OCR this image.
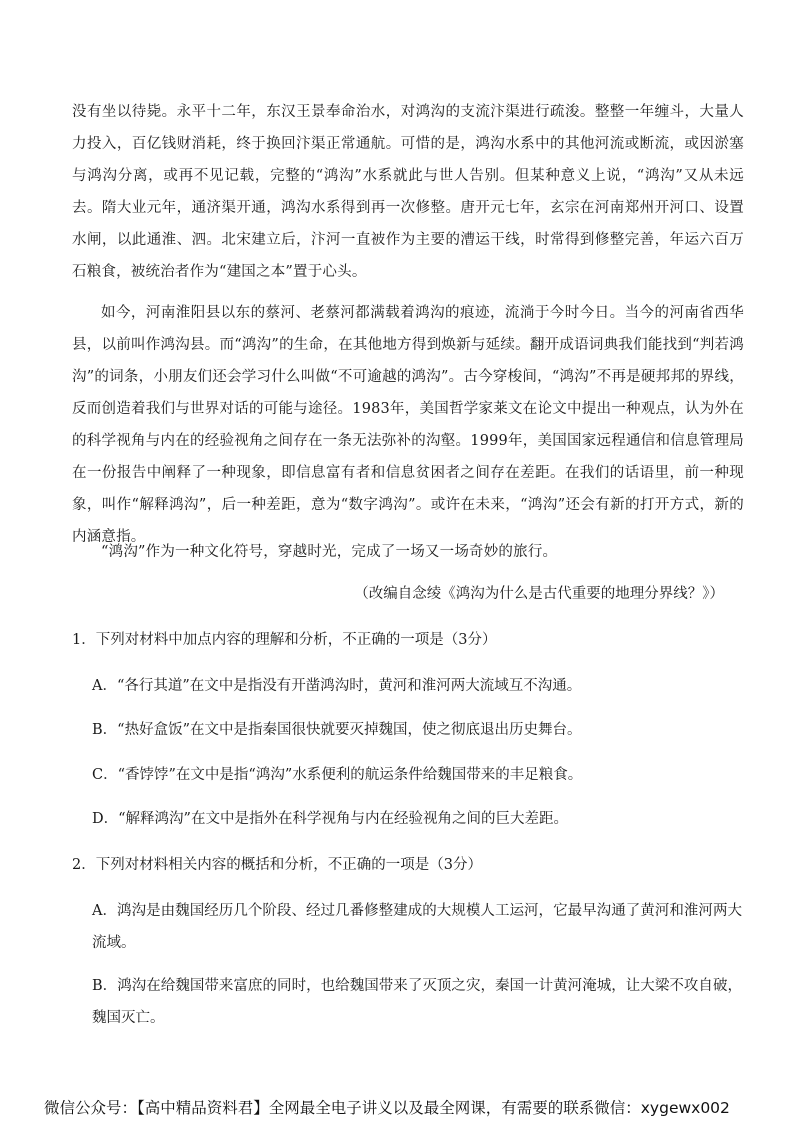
没有坐以待毙。永平十二年，东汉王景奉命治水，对鸿沟的支流汴渠进行疏浚。整整一年缠斗，大量人力投入，百亿钱财消耗，终于换回汴渠正常通航。可惜的是，鸿沟水系中的其他河流或断流，或因淤塞与鸿沟分离，或再不见记载，完整的“鸿沟”水系就此与世人告别。但某种意义上说，“鸿沟”又从未远去。隋大业元年，通济渠开通，鸿沟水系得到再一次修整。唐开元七年，玄宗在河南郑州开河口、设置水闸，以此通淮、泗。北宋建立后，汴河一直被作为主要的漕运干线，时常得到修整完善，年运六百万石粮食，被统治者作为“建国之本”置于心头。

如今，河南淮阳县以东的蔡河、老蔡河都满载着鸿沟的痕迹，流淌于今时今日。当今的河南省西华县，以前叫作鸿沟县。而“鸿沟”的生命，在其他地方得到焕新与延续。翻开成语词典我们能找到“判若鸿沟”的词条，小朋友们还会学习什么叫做“不可逾越的鸿沟”。古今穿梭间，“鸿沟”不再是硬邦邦的界线，反而创造着我们与世界对话的可能与途径。1983年，美国哲学家莱文在论文中提出一种观点，认为外在的科学视角与内在的经验视角之间存在一条无法弥补的沟壑。1999年，美国国家远程通信和信息管理局在一份报告中阐释了一种现象，即信息富有者和信息贫困者之间存在差距。在我们的话语里，前一种现象，叫作“解释鸿沟”，后一种差距，意为“数字鸿沟”。或许在未来，“鸿沟”还会有新的打开方式，新的内涵意指。

“鸿沟”作为一种文化符号，穿越时光，完成了一场又一场奇妙的旅行。

（改编自念绫《鸿沟为什么是古代重要的地理分界线？》）

1．下列对材料中加点内容的理解和分析，不正确的一项是（3分）

A．“各行其道”在文中是指没有开凿鸿沟时，黄河和淮河两大流域互不沟通。

B．“热好盒饭”在文中是指秦国很快就要灭掉魏国，使之彻底退出历史舞台。

C．“香饽饽”在文中是指“鸿沟”水系便利的航运条件给魏国带来的丰足粮食。

D．“解释鸿沟”在文中是指外在科学视角与内在经验视角之间的巨大差距。

2．下列对材料相关内容的概括和分析，不正确的一项是（3分）

A．鸿沟是由魏国经历几个阶段、经过几番修整建成的大规模人工运河，它最早沟通了黄河和淮河两大流域。

B．鸿沟在给魏国带来富庶的同时，也给魏国带来了灭顶之灾，秦国一计黄河淹城，让大梁不攻自破，魏国灭亡。

微信公众号：【高中精品资料君】全网最全电子讲义以及最全网课，有需要的联系微信：xygewx002
